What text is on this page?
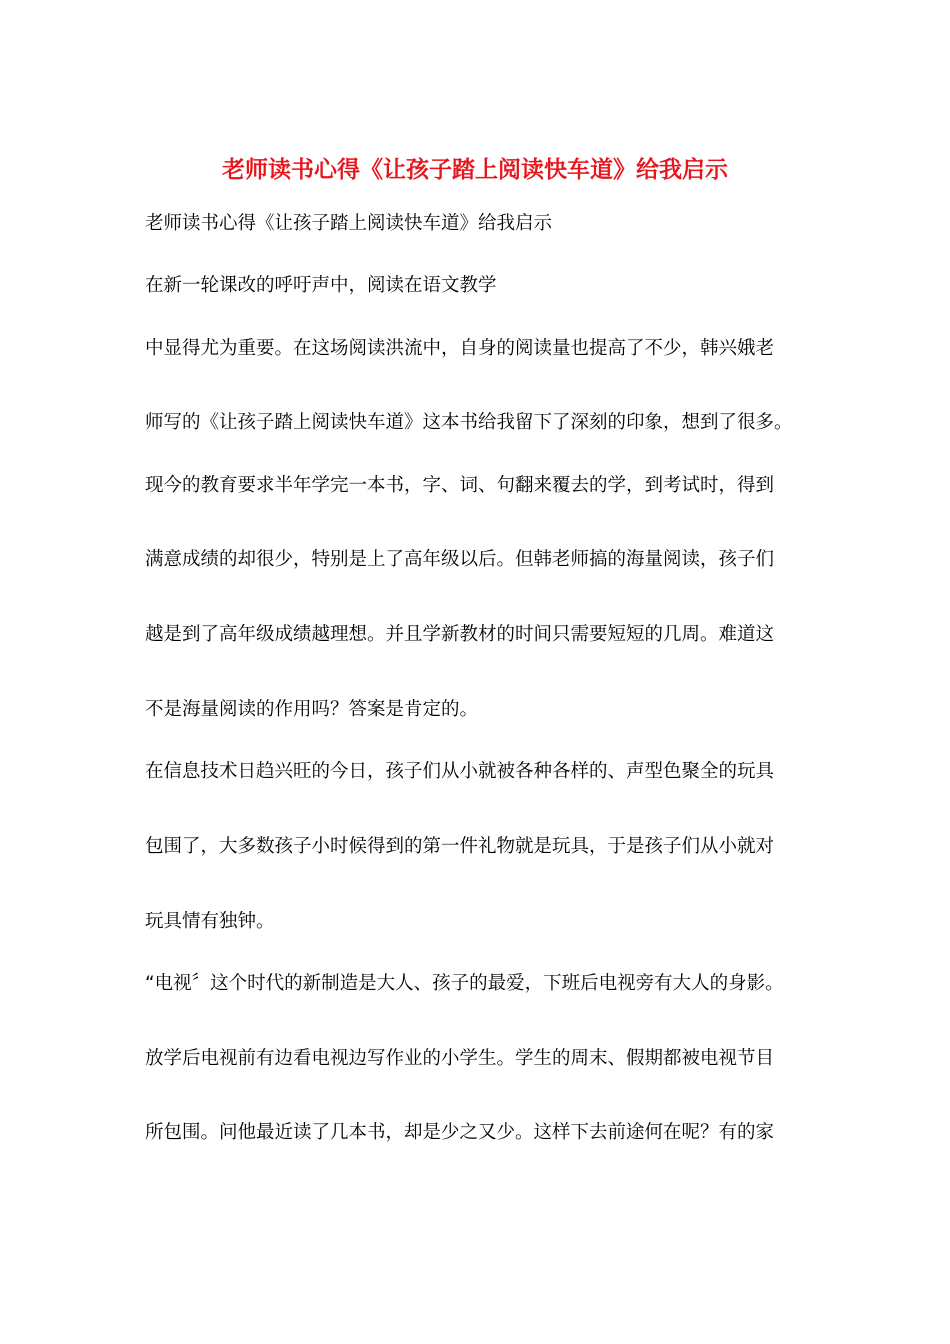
老师读书心得《让孩子踏上阅读快车道》给我启示
老师读书心得《让孩子踏上阅读快车道》给我启示
在新一轮课改的呼吁声中，阅读在语文教学
中显得尤为重要。在这场阅读洪流中，自身的阅读量也提高了不少，韩兴娥老
师写的《让孩子踏上阅读快车道》这本书给我留下了深刻的印象，想到了很多。
现今的教育要求半年学完一本书，字、词、句翻来覆去的学，到考试时，得到
满意成绩的却很少，特别是上了高年级以后。但韩老师搞的海量阅读，孩子们
越是到了高年级成绩越理想。并且学新教材的时间只需要短短的几周。难道这
不是海量阅读的作用吗？答案是肯定的。
在信息技术日趋兴旺的今日，孩子们从小就被各种各样的、声型色聚全的玩具
包围了，大多数孩子小时候得到的第一件礼物就是玩具，于是孩子们从小就对
玩具情有独钟。
“电视〞这个时代的新制造是大人、孩子的最爱，下班后电视旁有大人的身影。
放学后电视前有边看电视边写作业的小学生。学生的周末、假期都被电视节目
所包围。问他最近读了几本书，却是少之又少。这样下去前途何在呢？有的家
